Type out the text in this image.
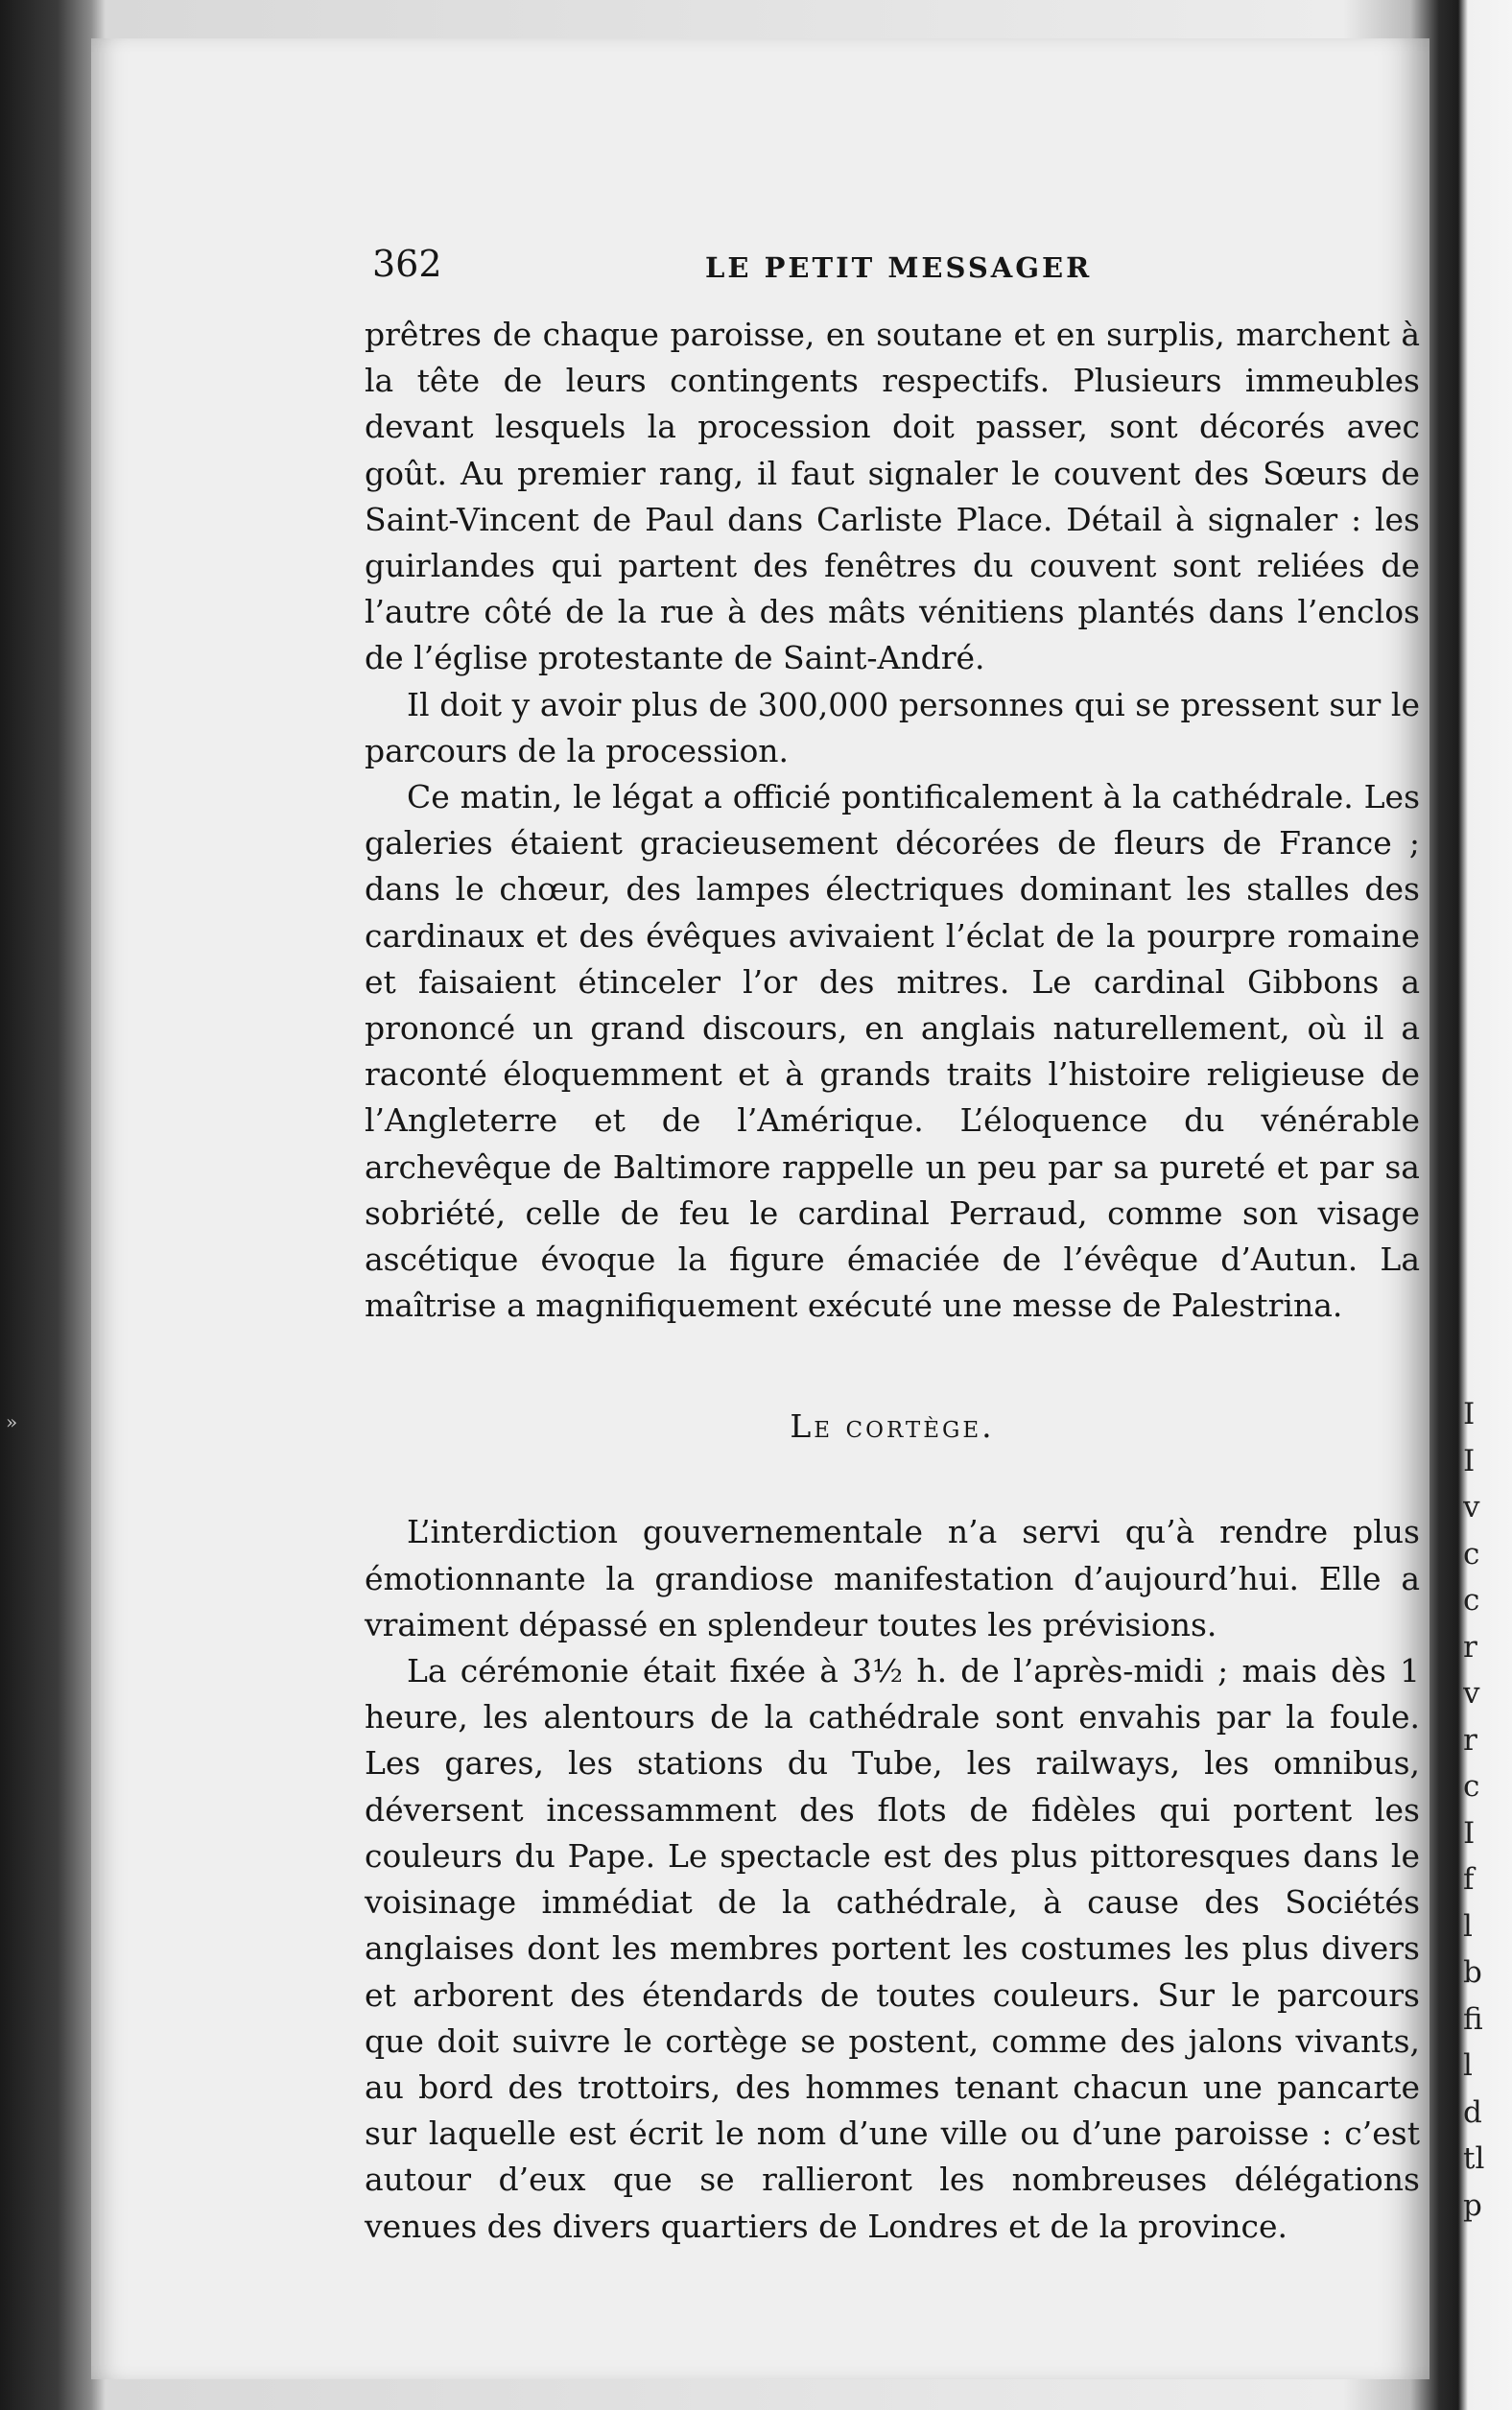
»
362	LE PETIT MESSAGER

prêtres de chaque paroisse, en soutane et en surplis, marchent à la tête de leurs contingents respectifs. Plusieurs immeubles devant lesquels la procession doit passer, sont décorés avec goût. Au premier rang, il faut signaler le couvent des Sœurs de Saint-Vincent de Paul dans Carliste Place. Détail à signaler : les guirlandes qui partent des fenêtres du couvent sont reliées de l’autre côté de la rue à des mâts vénitiens plantés dans l’enclos de l’église protestante de Saint-André.

Il doit y avoir plus de 300,000 personnes qui se pressent sur le parcours de la procession.

Ce matin, le légat a officié pontificalement à la cathédrale. Les galeries étaient gracieusement décorées de fleurs de France ; dans le chœur, des lampes électriques dominant les stalles des cardinaux et des évêques avivaient l’éclat de la pourpre romaine et faisaient étinceler l’or des mitres. Le cardinal Gibbons a prononcé un grand discours, en anglais naturellement, où il a raconté éloquemment et à grands traits l’histoire religieuse de l’Angleterre et de l’Amérique. L’éloquence du vénérable archevêque de Baltimore rappelle un peu par sa pureté et par sa sobriété, celle de feu le cardinal Perraud, comme son visage ascétique évoque la figure émaciée de l’évêque d’Autun. La maîtrise a magnifiquement exécuté une messe de Palestrina.

Le cortège.

L’interdiction gouvernementale n’a servi qu’à rendre plus émotionnante la grandiose manifestation d’aujourd’hui. Elle a vraiment dépassé en splendeur toutes les prévisions.

La cérémonie était fixée à 3½ h. de l’après-midi ; mais dès 1 heure, les alentours de la cathédrale sont envahis par la foule. Les gares, les stations du Tube, les railways, les omnibus, déversent incessamment des flots de fidèles qui portent les couleurs du Pape. Le spectacle est des plus pittoresques dans le voisinage immédiat de la cathédrale, à cause des Sociétés anglaises dont les membres portent les costumes les plus divers et arborent des étendards de toutes couleurs. Sur le parcours que doit suivre le cortège se postent, comme des jalons vivants, au bord des trottoirs, des hommes tenant chacun une pancarte sur laquelle est écrit le nom d’une ville ou d’une paroisse : c’est autour d’eux que se rallieront les nombreuses délégations venues des divers quartiers de Londres et de la province.

I
I
v
c
c
r
v
r
c
I
f
l
b
fi
l
d
tl
p
